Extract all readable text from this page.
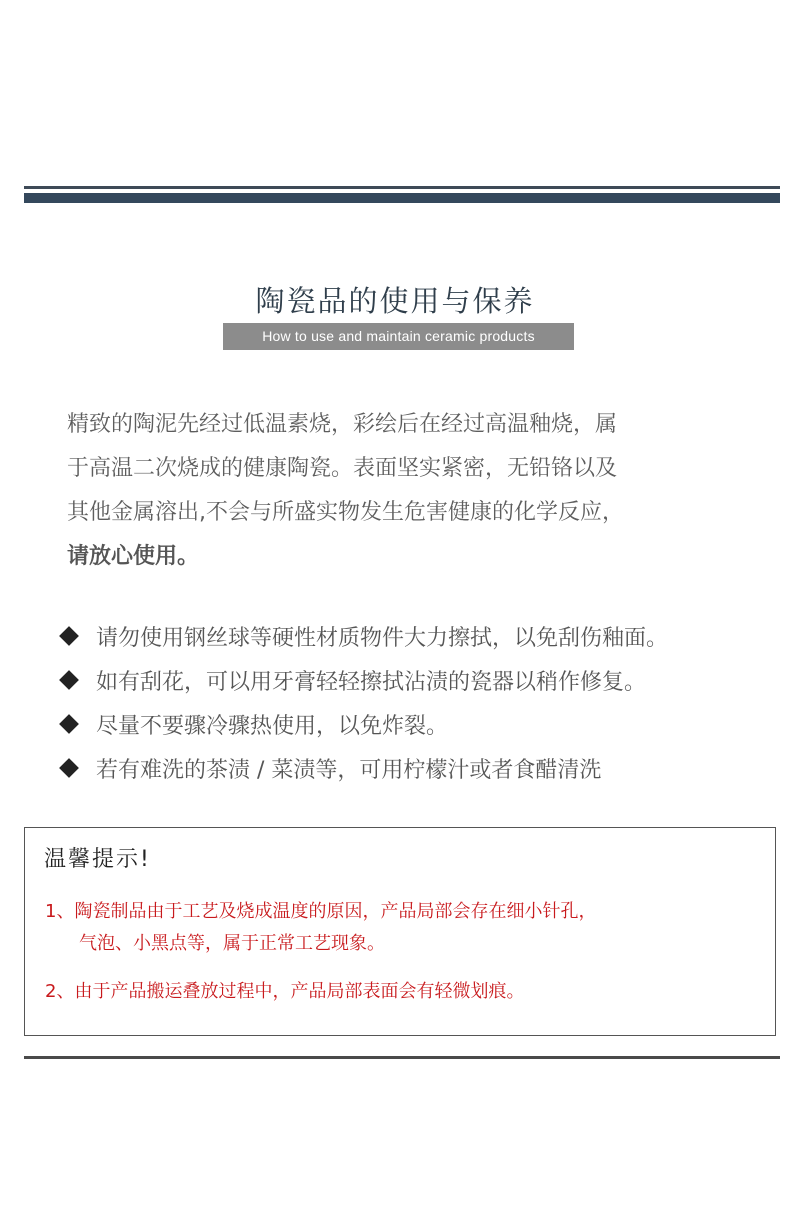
陶瓷品的使用与保养
How to use and maintain ceramic products
精致的陶泥先经过低温素烧，彩绘后在经过高温釉烧，属
于高温二次烧成的健康陶瓷。表面坚实紧密，无铅铬以及
其他金属溶出,不会与所盛实物发生危害健康的化学反应，
请放心使用。
请勿使用钢丝球等硬性材质物件大力擦拭，以免刮伤釉面。
如有刮花，可以用牙膏轻轻擦拭沾渍的瓷器以稍作修复。
尽量不要骤冷骤热使用，以免炸裂。
若有难洗的茶渍 / 菜渍等，可用柠檬汁或者食醋清洗
温馨提示!
1、陶瓷制品由于工艺及烧成温度的原因，产品局部会存在细小针孔，
气泡、小黑点等，属于正常工艺现象。
2、由于产品搬运叠放过程中，产品局部表面会有轻微划痕。
